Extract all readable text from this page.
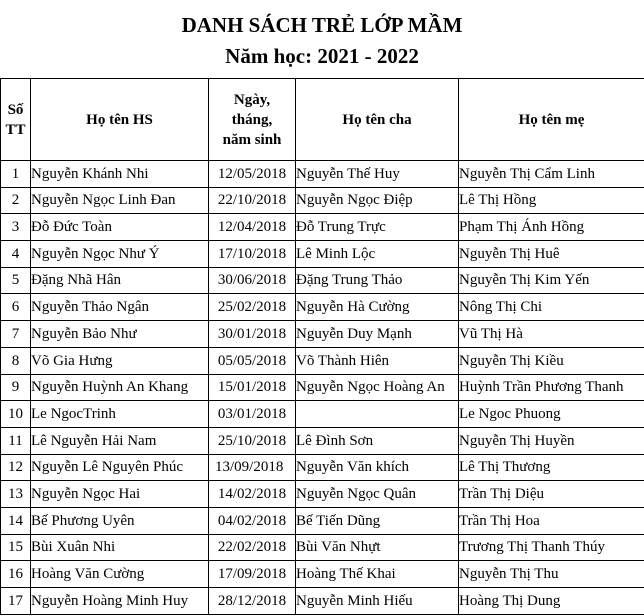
DANH SÁCH TRẺ LỚP MẦM
Năm học: 2021 - 2022
Số TT	Họ tên HS	Ngày, tháng, năm sinh	Họ tên cha	Họ tên mẹ
1	Nguyễn Khánh Nhi	12/05/2018	Nguyễn Thế Huy	Nguyễn Thị Cẩm Linh
2	Nguyễn Ngọc Linh Đan	22/10/2018	Nguyễn Ngọc Điệp	Lê Thị Hồng
3	Đỗ Đức Toàn	12/04/2018	Đỗ Trung Trực	Phạm Thị Ánh Hồng
4	Nguyễn Ngọc Như Ý	17/10/2018	Lê Minh Lộc	Nguyễn Thị Huê
5	Đặng Nhã Hân	30/06/2018	Đặng Trung Thảo	Nguyễn Thị Kim Yến
6	Nguyễn Thảo Ngân	25/02/2018	Nguyễn Hà Cường	Nông Thị Chi
7	Nguyễn Bảo Như	30/01/2018	Nguyễn Duy Mạnh	Vũ Thị Hà
8	Võ Gia Hưng	05/05/2018	Võ Thành Hiên	Nguyễn Thị Kiều
9	Nguyễn Huỳnh An Khang	15/01/2018	Nguyễn Ngọc Hoàng An	Huỳnh Trần Phương Thanh
10	Le NgocTrinh	03/01/2018		Le Ngoc Phuong
11	Lê Nguyễn Hải Nam	25/10/2018	Lê Đình Sơn	Nguyễn Thị Huyền
12	Nguyễn Lê Nguyên Phúc	13/09/2018	Nguyễn Văn khích	Lê Thị Thương
13	Nguyễn Ngọc Hai	14/02/2018	Nguyễn Ngọc Quân	Trần Thị Diệu
14	Bế Phương Uyên	04/02/2018	Bế Tiến Dũng	Trần Thị Hoa
15	Bùi Xuân Nhi	22/02/2018	Bùi Văn Nhựt	Trương Thị Thanh Thúy
16	Hoàng Văn Cường	17/09/2018	Hoàng Thế Khai	Nguyễn Thị Thu
17	Nguyễn Hoàng Minh Huy	28/12/2018	Nguyễn Minh Hiếu	Hoàng Thị Dung
